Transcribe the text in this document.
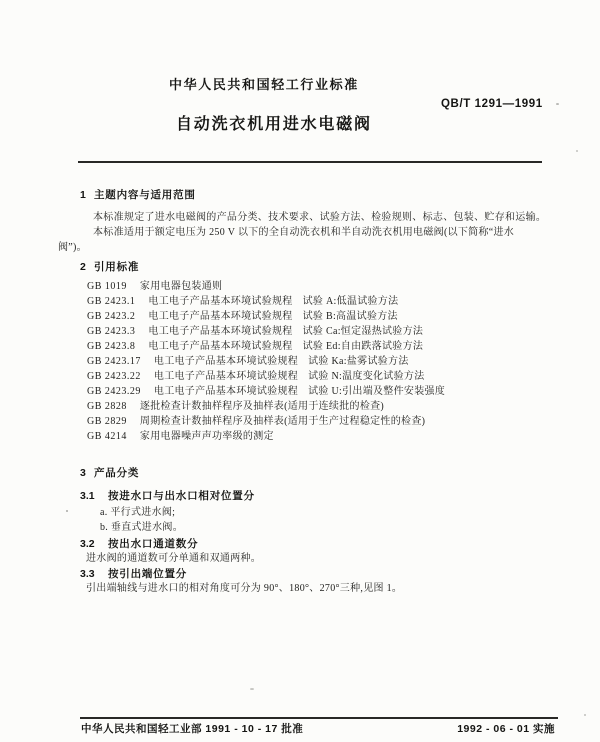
中华人民共和国轻工行业标准
QB/T 1291—1991
自动洗衣机用进水电磁阀
1 主题内容与适用范围
本标准规定了进水电磁阀的产品分类、技术要求、试验方法、检验规则、标志、包装、贮存和运输。
本标准适用于额定电压为 250 V 以下的全自动洗衣机和半自动洗衣机用电磁阀(以下简称“进水
阀”)。
2 引用标准
GB 1019 家用电器包装通则
GB 2423.1 电工电子产品基本环境试验规程 试验 A:低温试验方法
GB 2423.2 电工电子产品基本环境试验规程 试验 B:高温试验方法
GB 2423.3 电工电子产品基本环境试验规程 试验 Ca:恒定湿热试验方法
GB 2423.8 电工电子产品基本环境试验规程 试验 Ed:自由跌落试验方法
GB 2423.17 电工电子产品基本环境试验规程 试验 Ka:盐雾试验方法
GB 2423.22 电工电子产品基本环境试验规程 试验 N:温度变化试验方法
GB 2423.29 电工电子产品基本环境试验规程 试验 U:引出端及整件安装强度
GB 2828 逐批检查计数抽样程序及抽样表(适用于连续批的检查)
GB 2829 周期检查计数抽样程序及抽样表(适用于生产过程稳定性的检查)
GB 4214 家用电器噪声声功率级的测定
3 产品分类
3.1 按进水口与出水口相对位置分
a. 平行式进水阀;
b. 垂直式进水阀。
3.2 按出水口通道数分
进水阀的通道数可分单通和双通两种。
3.3 按引出端位置分
引出端轴线与进水口的相对角度可分为 90°、180°、270°三种,见图 1。
中华人民共和国轻工业部 1991 - 10 - 17 批准	1992 - 06 - 01 实施
